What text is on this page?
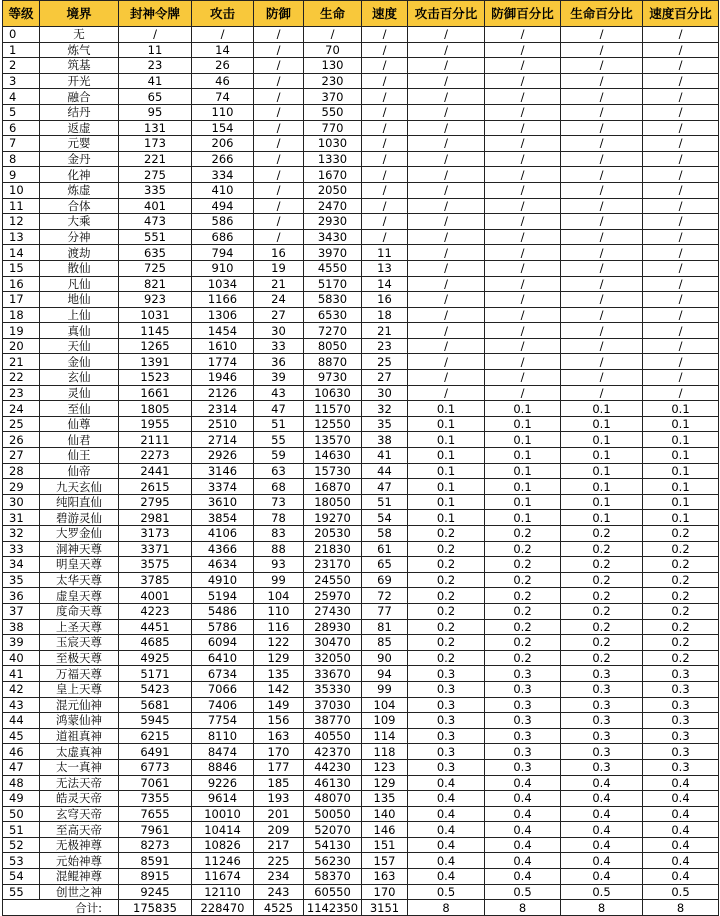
等级	境界	封神令牌	攻击	防御	生命	速度	攻击百分比	防御百分比	生命百分比	速度百分比
0	无	/	/	/	/	/	/	/	/	/
1	炼气	11	14	/	70	/	/	/	/	/
2	筑基	23	26	/	130	/	/	/	/	/
3	开光	41	46	/	230	/	/	/	/	/
4	融合	65	74	/	370	/	/	/	/	/
5	结丹	95	110	/	550	/	/	/	/	/
6	返虚	131	154	/	770	/	/	/	/	/
7	元婴	173	206	/	1030	/	/	/	/	/
8	金丹	221	266	/	1330	/	/	/	/	/
9	化神	275	334	/	1670	/	/	/	/	/
10	炼虚	335	410	/	2050	/	/	/	/	/
11	合体	401	494	/	2470	/	/	/	/	/
12	大乘	473	586	/	2930	/	/	/	/	/
13	分神	551	686	/	3430	/	/	/	/	/
14	渡劫	635	794	16	3970	11	/	/	/	/
15	散仙	725	910	19	4550	13	/	/	/	/
16	凡仙	821	1034	21	5170	14	/	/	/	/
17	地仙	923	1166	24	5830	16	/	/	/	/
18	上仙	1031	1306	27	6530	18	/	/	/	/
19	真仙	1145	1454	30	7270	21	/	/	/	/
20	天仙	1265	1610	33	8050	23	/	/	/	/
21	金仙	1391	1774	36	8870	25	/	/	/	/
22	玄仙	1523	1946	39	9730	27	/	/	/	/
23	灵仙	1661	2126	43	10630	30	/	/	/	/
24	至仙	1805	2314	47	11570	32	0.1	0.1	0.1	0.1
25	仙尊	1955	2510	51	12550	35	0.1	0.1	0.1	0.1
26	仙君	2111	2714	55	13570	38	0.1	0.1	0.1	0.1
27	仙王	2273	2926	59	14630	41	0.1	0.1	0.1	0.1
28	仙帝	2441	3146	63	15730	44	0.1	0.1	0.1	0.1
29	九天玄仙	2615	3374	68	16870	47	0.1	0.1	0.1	0.1
30	纯阳直仙	2795	3610	73	18050	51	0.1	0.1	0.1	0.1
31	碧游灵仙	2981	3854	78	19270	54	0.1	0.1	0.1	0.1
32	大罗金仙	3173	4106	83	20530	58	0.2	0.2	0.2	0.2
33	洞神天尊	3371	4366	88	21830	61	0.2	0.2	0.2	0.2
34	明皇天尊	3575	4634	93	23170	65	0.2	0.2	0.2	0.2
35	太华天尊	3785	4910	99	24550	69	0.2	0.2	0.2	0.2
36	虚皇天尊	4001	5194	104	25970	72	0.2	0.2	0.2	0.2
37	度命天尊	4223	5486	110	27430	77	0.2	0.2	0.2	0.2
38	上圣天尊	4451	5786	116	28930	81	0.2	0.2	0.2	0.2
39	玉宸天尊	4685	6094	122	30470	85	0.2	0.2	0.2	0.2
40	至极天尊	4925	6410	129	32050	90	0.2	0.2	0.2	0.2
41	万福天尊	5171	6734	135	33670	94	0.3	0.3	0.3	0.3
42	皇上天尊	5423	7066	142	35330	99	0.3	0.3	0.3	0.3
43	混元仙神	5681	7406	149	37030	104	0.3	0.3	0.3	0.3
44	鸿蒙仙神	5945	7754	156	38770	109	0.3	0.3	0.3	0.3
45	道祖真神	6215	8110	163	40550	114	0.3	0.3	0.3	0.3
46	太虚真神	6491	8474	170	42370	118	0.3	0.3	0.3	0.3
47	太一真神	6773	8846	177	44230	123	0.3	0.3	0.3	0.3
48	无法天帝	7061	9226	185	46130	129	0.4	0.4	0.4	0.4
49	皓灵天帝	7355	9614	193	48070	135	0.4	0.4	0.4	0.4
50	玄穹天帝	7655	10010	201	50050	140	0.4	0.4	0.4	0.4
51	至高天帝	7961	10414	209	52070	146	0.4	0.4	0.4	0.4
52	无极神尊	8273	10826	217	54130	151	0.4	0.4	0.4	0.4
53	元始神尊	8591	11246	225	56230	157	0.4	0.4	0.4	0.4
54	混鲲神尊	8915	11674	234	58370	163	0.4	0.4	0.4	0.4
55	创世之神	9245	12110	243	60550	170	0.5	0.5	0.5	0.5
合计:		175835	228470	4525	1142350	3151	8	8	8	8
